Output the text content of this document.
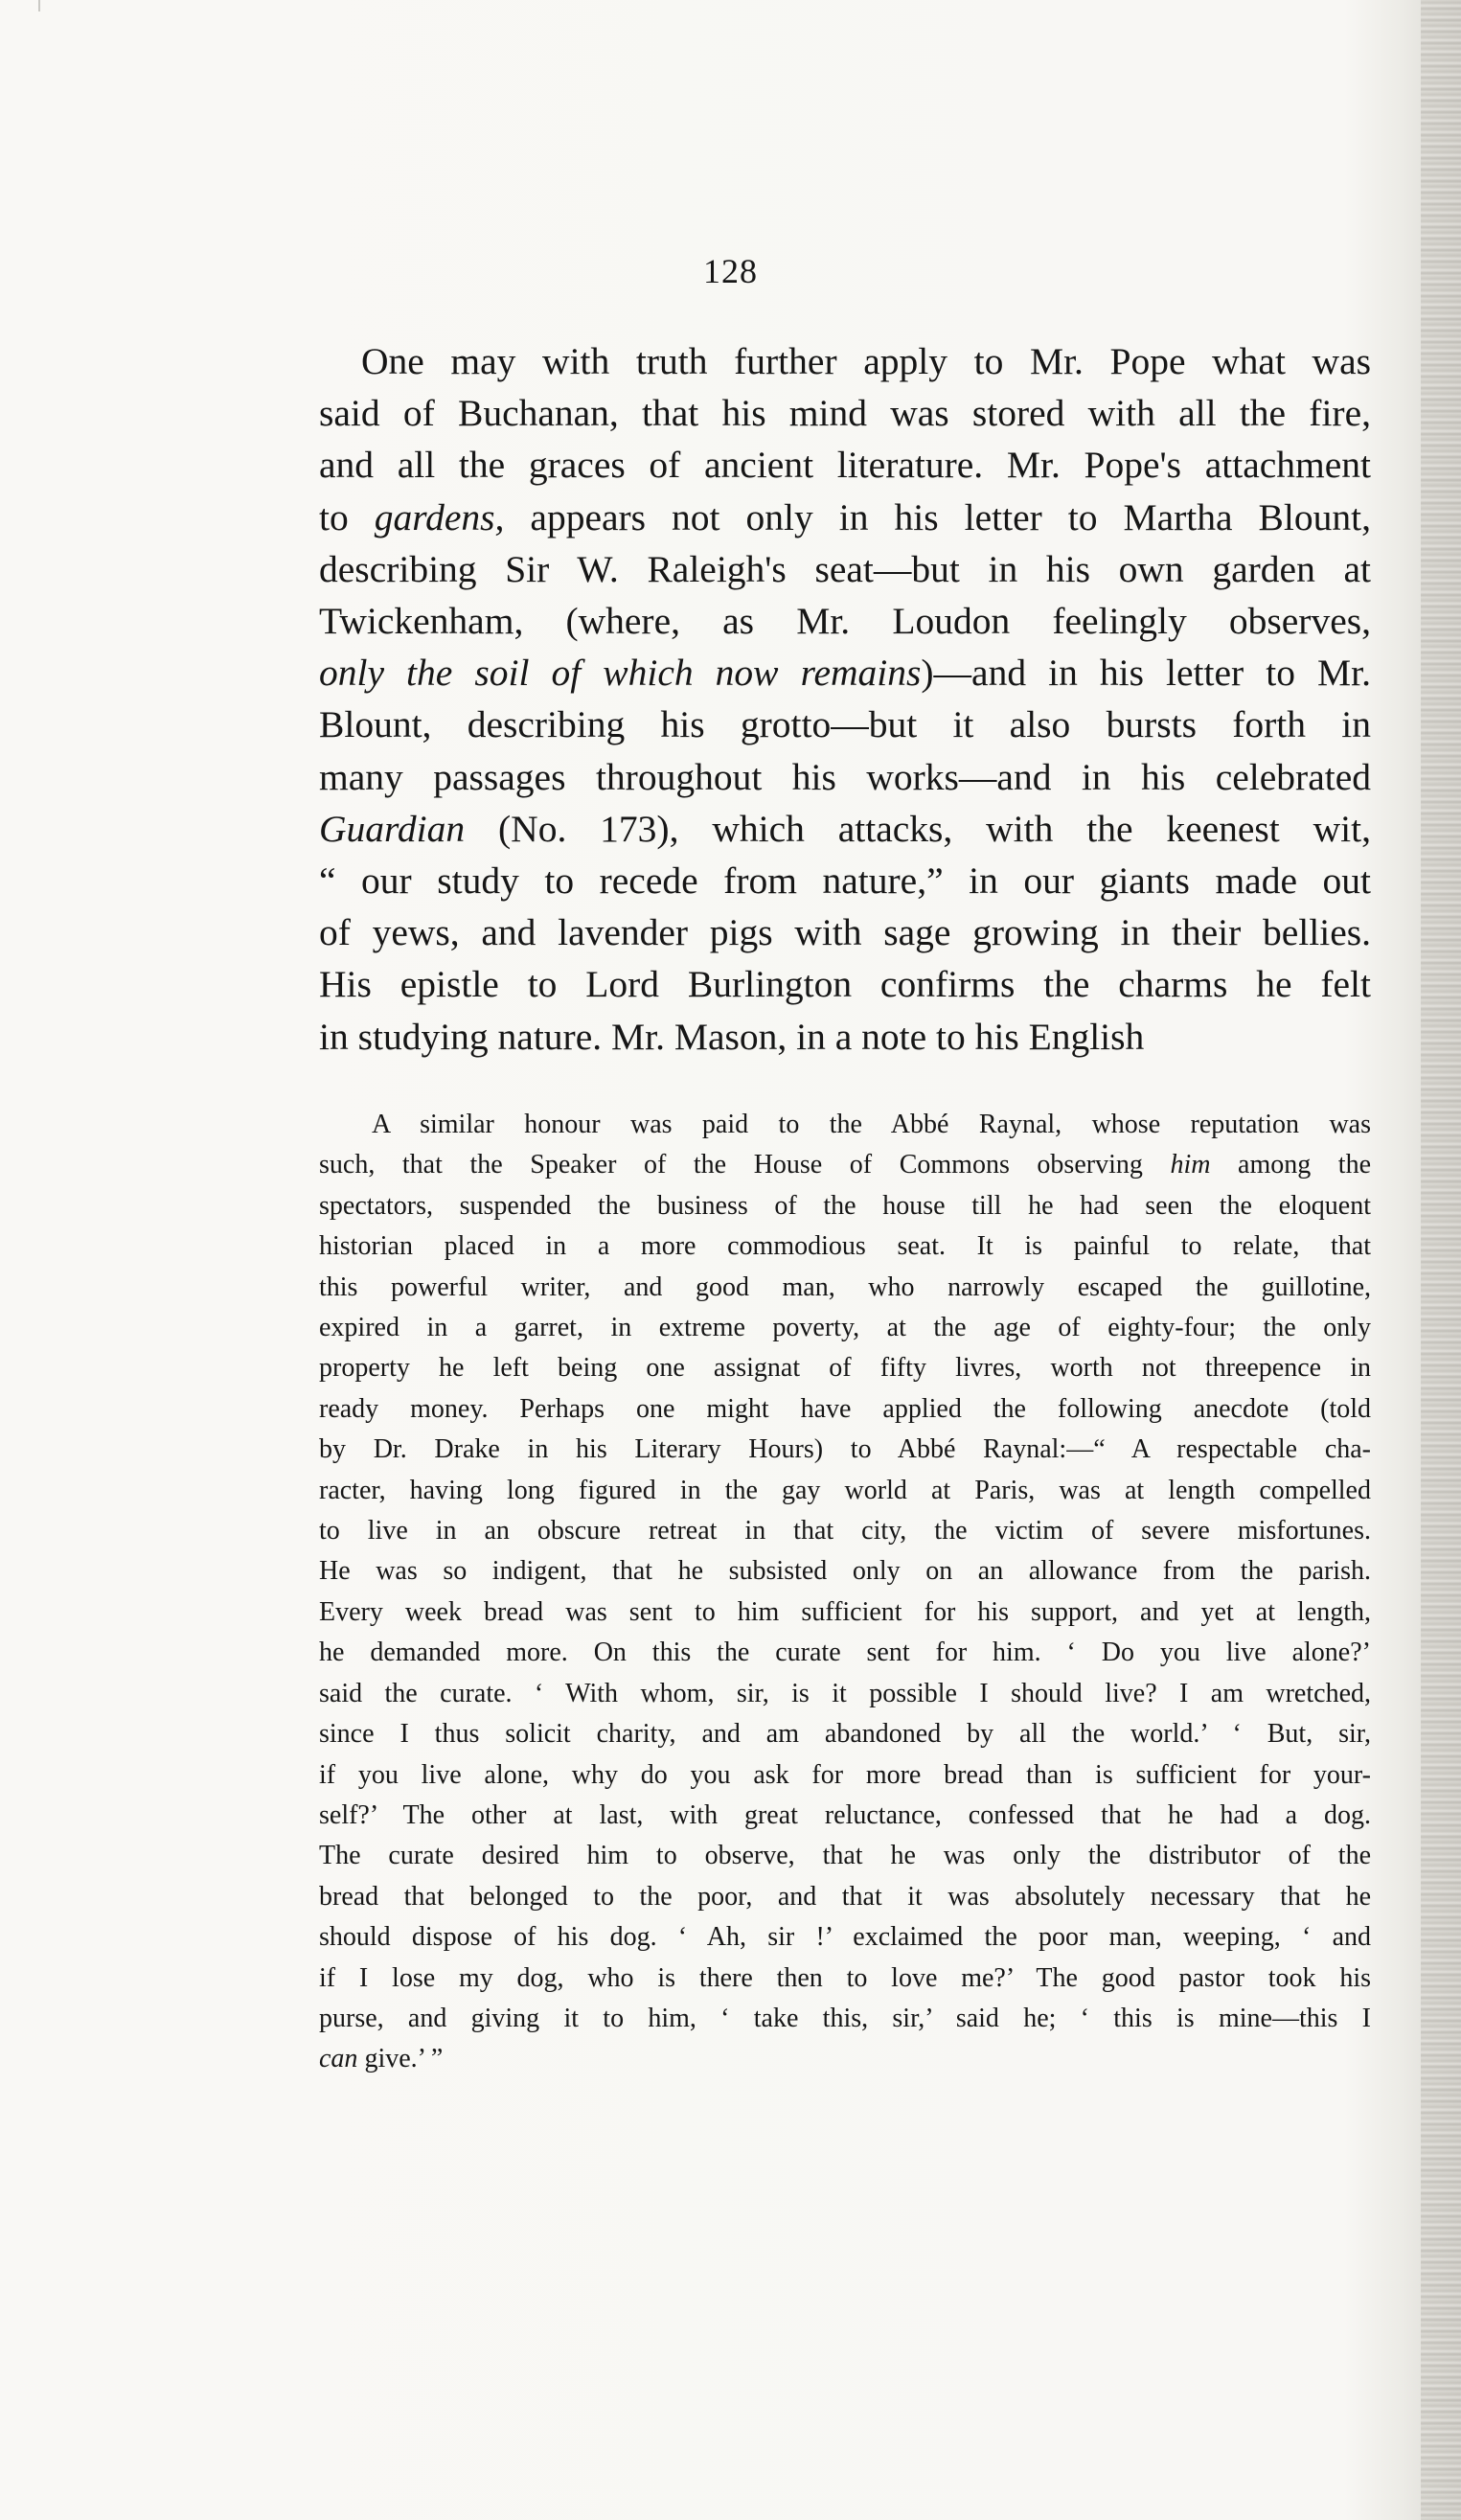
128
One may with truth further apply to Mr. Pope what was
said of Buchanan, that his mind was stored with all the fire,
and all the graces of ancient literature. Mr. Pope's attachment
to gardens, appears not only in his letter to Martha Blount,
describing Sir W. Raleigh's seat—but in his own garden at
Twickenham, (where, as Mr. Loudon feelingly observes,
only the soil of which now remains)—and in his letter to Mr.
Blount, describing his grotto—but it also bursts forth in
many passages throughout his works—and in his celebrated
Guardian (No. 173), which attacks, with the keenest wit,
“ our study to recede from nature,” in our giants made out
of yews, and lavender pigs with sage growing in their bellies.
His epistle to Lord Burlington confirms the charms he felt
in studying nature. Mr. Mason, in a note to his English
A similar honour was paid to the Abbé Raynal, whose reputation was
such, that the Speaker of the House of Commons observing him among the
spectators, suspended the business of the house till he had seen the eloquent
historian placed in a more commodious seat. It is painful to relate, that
this powerful writer, and good man, who narrowly escaped the guillotine,
expired in a garret, in extreme poverty, at the age of eighty-four; the only
property he left being one assignat of fifty livres, worth not threepence in
ready money. Perhaps one might have applied the following anecdote (told
by Dr. Drake in his Literary Hours) to Abbé Raynal:—“ A respectable cha-
racter, having long figured in the gay world at Paris, was at length compelled
to live in an obscure retreat in that city, the victim of severe misfortunes.
He was so indigent, that he subsisted only on an allowance from the parish.
Every week bread was sent to him sufficient for his support, and yet at length,
he demanded more. On this the curate sent for him. ‘ Do you live alone?’
said the curate. ‘ With whom, sir, is it possible I should live? I am wretched,
since I thus solicit charity, and am abandoned by all the world.’ ‘ But, sir,
if you live alone, why do you ask for more bread than is sufficient for your-
self?’ The other at last, with great reluctance, confessed that he had a dog.
The curate desired him to observe, that he was only the distributor of the
bread that belonged to the poor, and that it was absolutely necessary that he
should dispose of his dog. ‘ Ah, sir !’ exclaimed the poor man, weeping, ‘ and
if I lose my dog, who is there then to love me?’ The good pastor took his
purse, and giving it to him, ‘ take this, sir,’ said he; ‘ this is mine—this I
can give.’ ”
